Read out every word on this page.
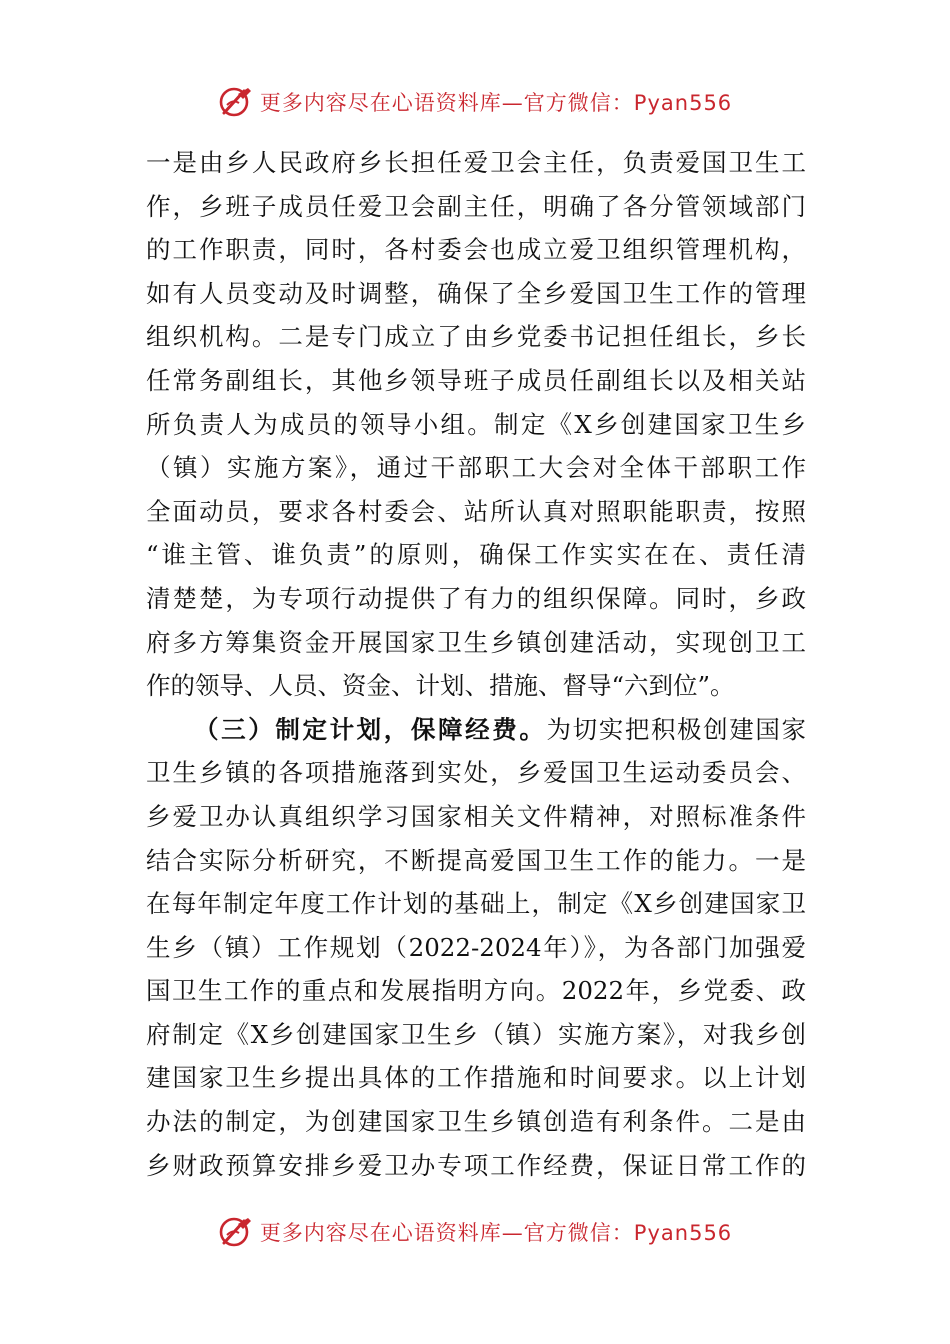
更多内容尽在心语资料库—官方微信：Pyan556
一是由乡人民政府乡长担任爱卫会主任，负责爱国卫生工
作，乡班子成员任爱卫会副主任，明确了各分管领域部门
的工作职责，同时，各村委会也成立爱卫组织管理机构，
如有人员变动及时调整，确保了全乡爱国卫生工作的管理
组织机构。二是专门成立了由乡党委书记担任组长，乡长
任常务副组长，其他乡领导班子成员任副组长以及相关站
所负责人为成员的领导小组。制定《X乡创建国家卫生乡
（镇）实施方案》，通过干部职工大会对全体干部职工作
全面动员，要求各村委会、站所认真对照职能职责，按照
“谁主管、谁负责”的原则，确保工作实实在在、责任清
清楚楚，为专项行动提供了有力的组织保障。同时，乡政
府多方筹集资金开展国家卫生乡镇创建活动，实现创卫工
作的领导、人员、资金、计划、措施、督导“六到位”。
（三）制定计划，保障经费。为切实把积极创建国家
卫生乡镇的各项措施落到实处，乡爱国卫生运动委员会、
乡爱卫办认真组织学习国家相关文件精神，对照标准条件
结合实际分析研究，不断提高爱国卫生工作的能力。一是
在每年制定年度工作计划的基础上，制定《X乡创建国家卫
生乡（镇）工作规划（2022-2024年）》，为各部门加强爱
国卫生工作的重点和发展指明方向。2022年，乡党委、政
府制定《X乡创建国家卫生乡（镇）实施方案》，对我乡创
建国家卫生乡提出具体的工作措施和时间要求。以上计划
办法的制定，为创建国家卫生乡镇创造有利条件。二是由
乡财政预算安排乡爱卫办专项工作经费，保证日常工作的
更多内容尽在心语资料库—官方微信：Pyan556
